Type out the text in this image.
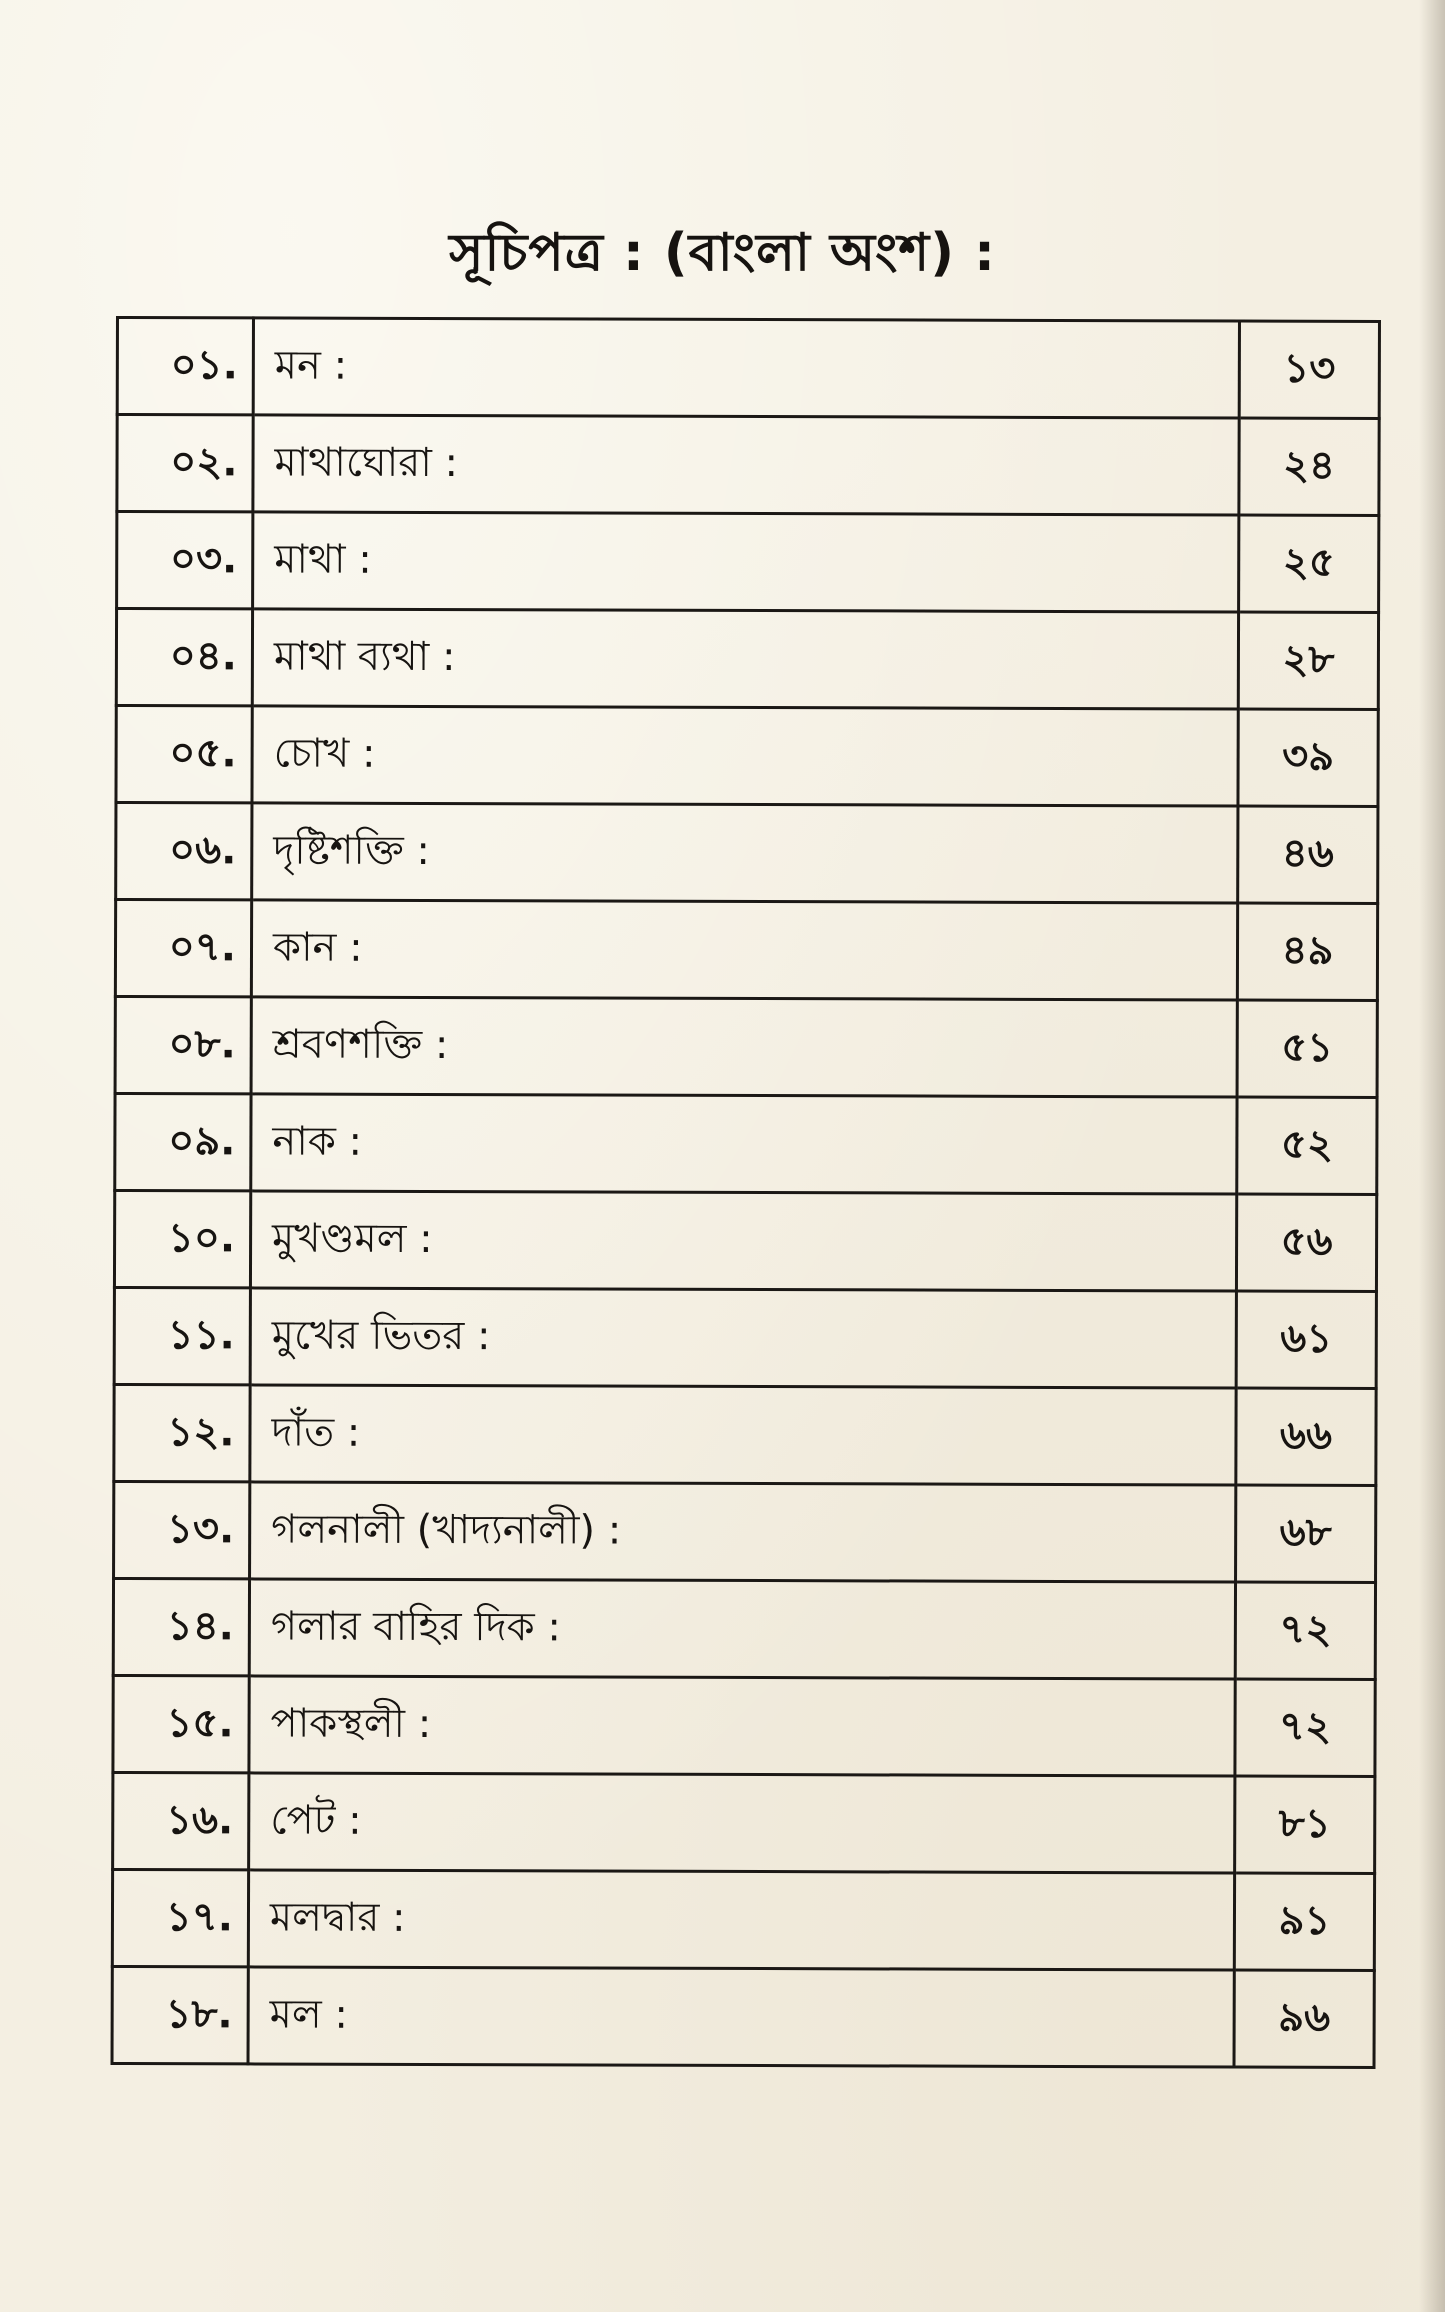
সূচিপত্র : (বাংলা অংশ) :
০১.	মন :	১৩
০২.	মাথাঘোরা :	২৪
০৩.	মাথা :	২৫
০৪.	মাথা ব্যথা :	২৮
০৫.	চোখ :	৩৯
০৬.	দৃষ্টিশক্তি :	৪৬
০৭.	কান :	৪৯
০৮.	শ্রবণশক্তি :	৫১
০৯.	নাক :	৫২
১০.	মুখণ্ডমল :	৫৬
১১.	মুখের ভিতর :	৬১
১২.	দাঁত :	৬৬
১৩.	গলনালী (খাদ্যনালী) :	৬৮
১৪.	গলার বাহির দিক :	৭২
১৫.	পাকস্থলী :	৭২
১৬.	পেট :	৮১
১৭.	মলদ্বার :	৯১
১৮.	মল :	৯৬
